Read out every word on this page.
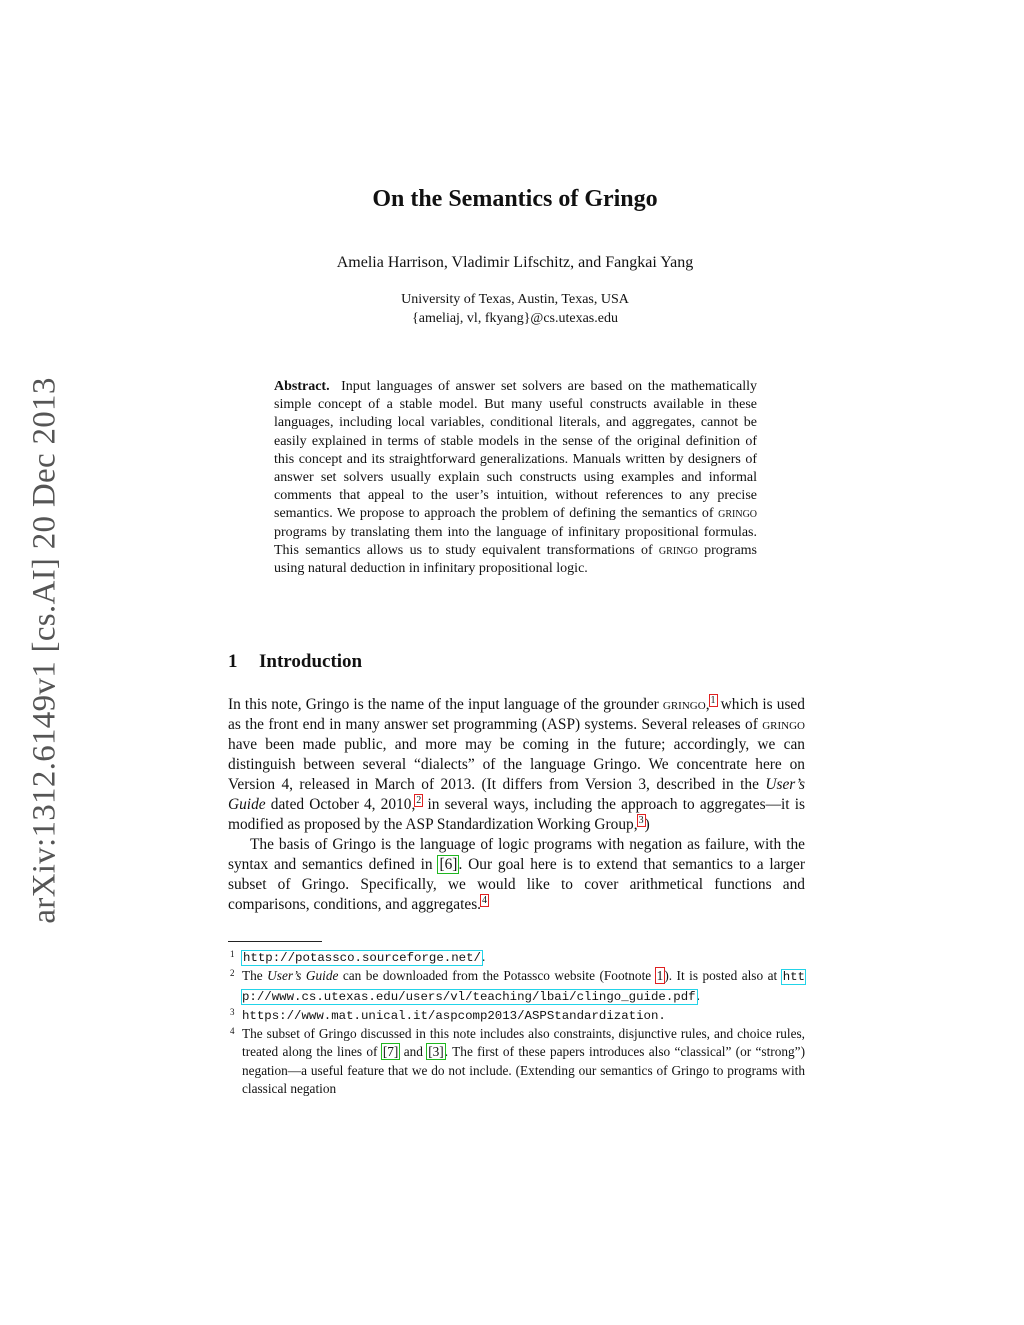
arXiv:1312.6149v1 [cs.AI] 20 Dec 2013
On the Semantics of Gringo
Amelia Harrison, Vladimir Lifschitz, and Fangkai Yang
University of Texas, Austin, Texas, USA
{ameliaj, vl, fkyang}@cs.utexas.edu

Abstract. Input languages of answer set solvers are based on the mathematically simple concept of a stable model. But many useful constructs available in these languages, including local variables, conditional literals, and aggregates, cannot be easily explained in terms of stable models in the sense of the original definition of this concept and its straightforward generalizations. Manuals written by designers of answer set solvers usually explain such constructs using examples and informal comments that appeal to the user’s intuition, without references to any precise semantics. We propose to approach the problem of defining the semantics of gringo programs by translating them into the language of infinitary propositional formulas. This semantics allows us to study equivalent transformations of gringo programs using natural deduction in infinitary propositional logic.

1 Introduction

In this note, Gringo is the name of the input language of the grounder gringo,$^1$ which is used as the front end in many answer set programming (ASP) systems. Several releases of gringo have been made public, and more may be coming in the future; accordingly, we can distinguish between several “dialects” of the language Gringo. We concentrate here on Version 4, released in March of 2013. (It differs from Version 3, described in the User’s Guide dated October 4, 2010,$^2$ in several ways, including the approach to aggregates—it is modified as proposed by the ASP Standardization Working Group,$^3$)

The basis of Gringo is the language of logic programs with negation as failure, with the syntax and semantics defined in [6]. Our goal here is to extend that semantics to a larger subset of Gringo. Specifically, we would like to cover arithmetical functions and comparisons, conditions, and aggregates.$^4$

1 http://potassco.sourceforge.net/.

2 The User’s Guide can be downloaded from the Potassco website (Footnote 1). It is posted also at http://www.cs.utexas.edu/users/vl/teaching/lbai/clingo_guide.pdf.

3 https://www.mat.unical.it/aspcomp2013/ASPStandardization.

4 The subset of Gringo discussed in this note includes also constraints, disjunctive rules, and choice rules, treated along the lines of [7] and [3]. The first of these papers introduces also “classical” (or “strong”) negation—a useful feature that we do not include. (Extending our semantics of Gringo to programs with classical negation
